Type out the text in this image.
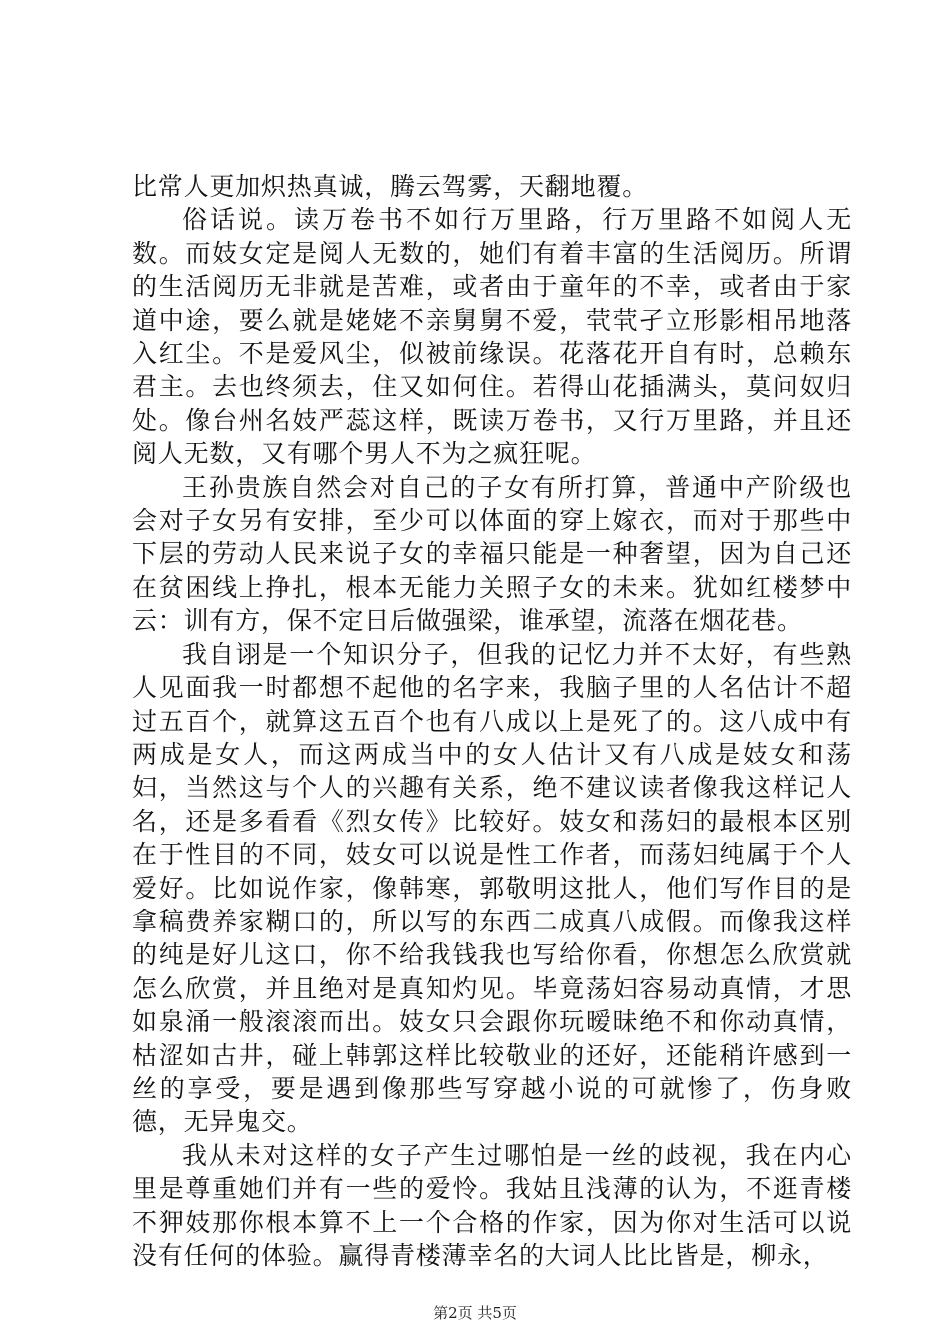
比常人更加炽热真诚，腾云驾雾，天翻地覆。

俗话说。读万卷书不如行万里路，行万里路不如阅人无数。而妓女定是阅人无数的，她们有着丰富的生活阅历。所谓的生活阅历无非就是苦难，或者由于童年的不幸，或者由于家道中途，要么就是姥姥不亲舅舅不爱，茕茕孑立形影相吊地落入红尘。不是爱风尘，似被前缘误。花落花开自有时，总赖东君主。去也终须去，住又如何住。若得山花插满头，莫问奴归处。像台州名妓严蕊这样，既读万卷书，又行万里路，并且还阅人无数，又有哪个男人不为之疯狂呢。

王孙贵族自然会对自己的子女有所打算，普通中产阶级也会对子女另有安排，至少可以体面的穿上嫁衣，而对于那些中下层的劳动人民来说子女的幸福只能是一种奢望，因为自己还在贫困线上挣扎，根本无能力关照子女的未来。犹如红楼梦中云：训有方，保不定日后做强梁，谁承望，流落在烟花巷。

我自诩是一个知识分子，但我的记忆力并不太好，有些熟人见面我一时都想不起他的名字来，我脑子里的人名估计不超过五百个，就算这五百个也有八成以上是死了的。这八成中有两成是女人，而这两成当中的女人估计又有八成是妓女和荡妇，当然这与个人的兴趣有关系，绝不建议读者像我这样记人名，还是多看看《烈女传》比较好。妓女和荡妇的最根本区别在于性目的不同，妓女可以说是性工作者，而荡妇纯属于个人爱好。比如说作家，像韩寒，郭敬明这批人，他们写作目的是拿稿费养家糊口的，所以写的东西二成真八成假。而像我这样的纯是好儿这口，你不给我钱我也写给你看，你想怎么欣赏就怎么欣赏，并且绝对是真知灼见。毕竟荡妇容易动真情，才思如泉涌一般滚滚而出。妓女只会跟你玩暧昧绝不和你动真情，枯涩如古井，碰上韩郭这样比较敬业的还好，还能稍许感到一丝的享受，要是遇到像那些写穿越小说的可就惨了，伤身败德，无异鬼交。

我从未对这样的女子产生过哪怕是一丝的歧视，我在内心里是尊重她们并有一些的爱怜。我姑且浅薄的认为，不逛青楼不狎妓那你根本算不上一个合格的作家，因为你对生活可以说没有任何的体验。赢得青楼薄幸名的大词人比比皆是，柳永，

第2页 共5页
